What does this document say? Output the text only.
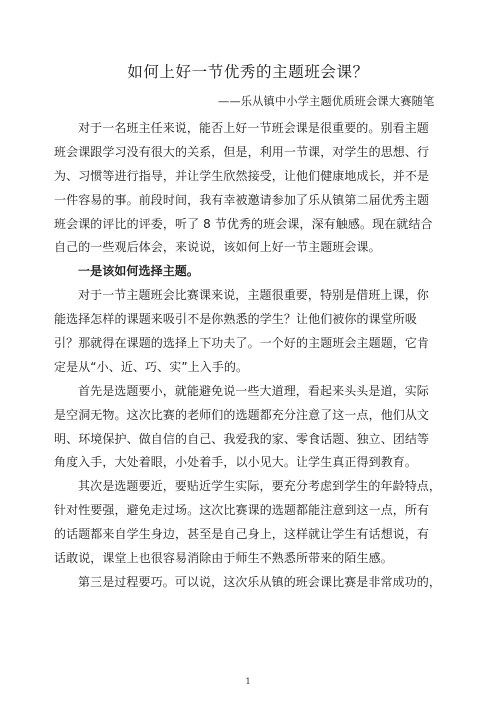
如何上好一节优秀的主题班会课？
——乐从镇中小学主题优质班会课大赛随笔
对于一名班主任来说，能否上好一节班会课是很重要的。别看主题
班会课跟学习没有很大的关系，但是，利用一节课，对学生的思想、行
为、习惯等进行指导，并让学生欣然接受，让他们健康地成长，并不是
一件容易的事。前段时间，我有幸被邀请参加了乐从镇第二届优秀主题
班会课的评比的评委，听了 8 节优秀的班会课，深有触感。现在就结合
自己的一些观后体会，来说说，该如何上好一节主题班会课。
一是该如何选择主题。
对于一节主题班会比赛课来说，主题很重要，特别是借班上课，你
能选择怎样的课题来吸引不是你熟悉的学生？让他们被你的课堂所吸
引？那就得在课题的选择上下功夫了。一个好的主题班会主题题，它肯
定是从“小、近、巧、实”上入手的。
首先是选题要小，就能避免说一些大道理，看起来头头是道，实际
是空洞无物。这次比赛的老师们的选题都充分注意了这一点，他们从文
明、环境保护、做自信的自己、我爱我的家、零食话题、独立、团结等
角度入手，大处着眼，小处着手，以小见大。让学生真正得到教育。
其次是选题要近，要贴近学生实际，要充分考虑到学生的年龄特点，
针对性要强，避免走过场。这次比赛课的选题都能注意到这一点，所有
的话题都来自学生身边，甚至是自己身上，这样就让学生有话想说，有
话敢说，课堂上也很容易消除由于师生不熟悉所带来的陌生感。
第三是过程要巧。可以说，这次乐从镇的班会课比赛是非常成功的，
1
